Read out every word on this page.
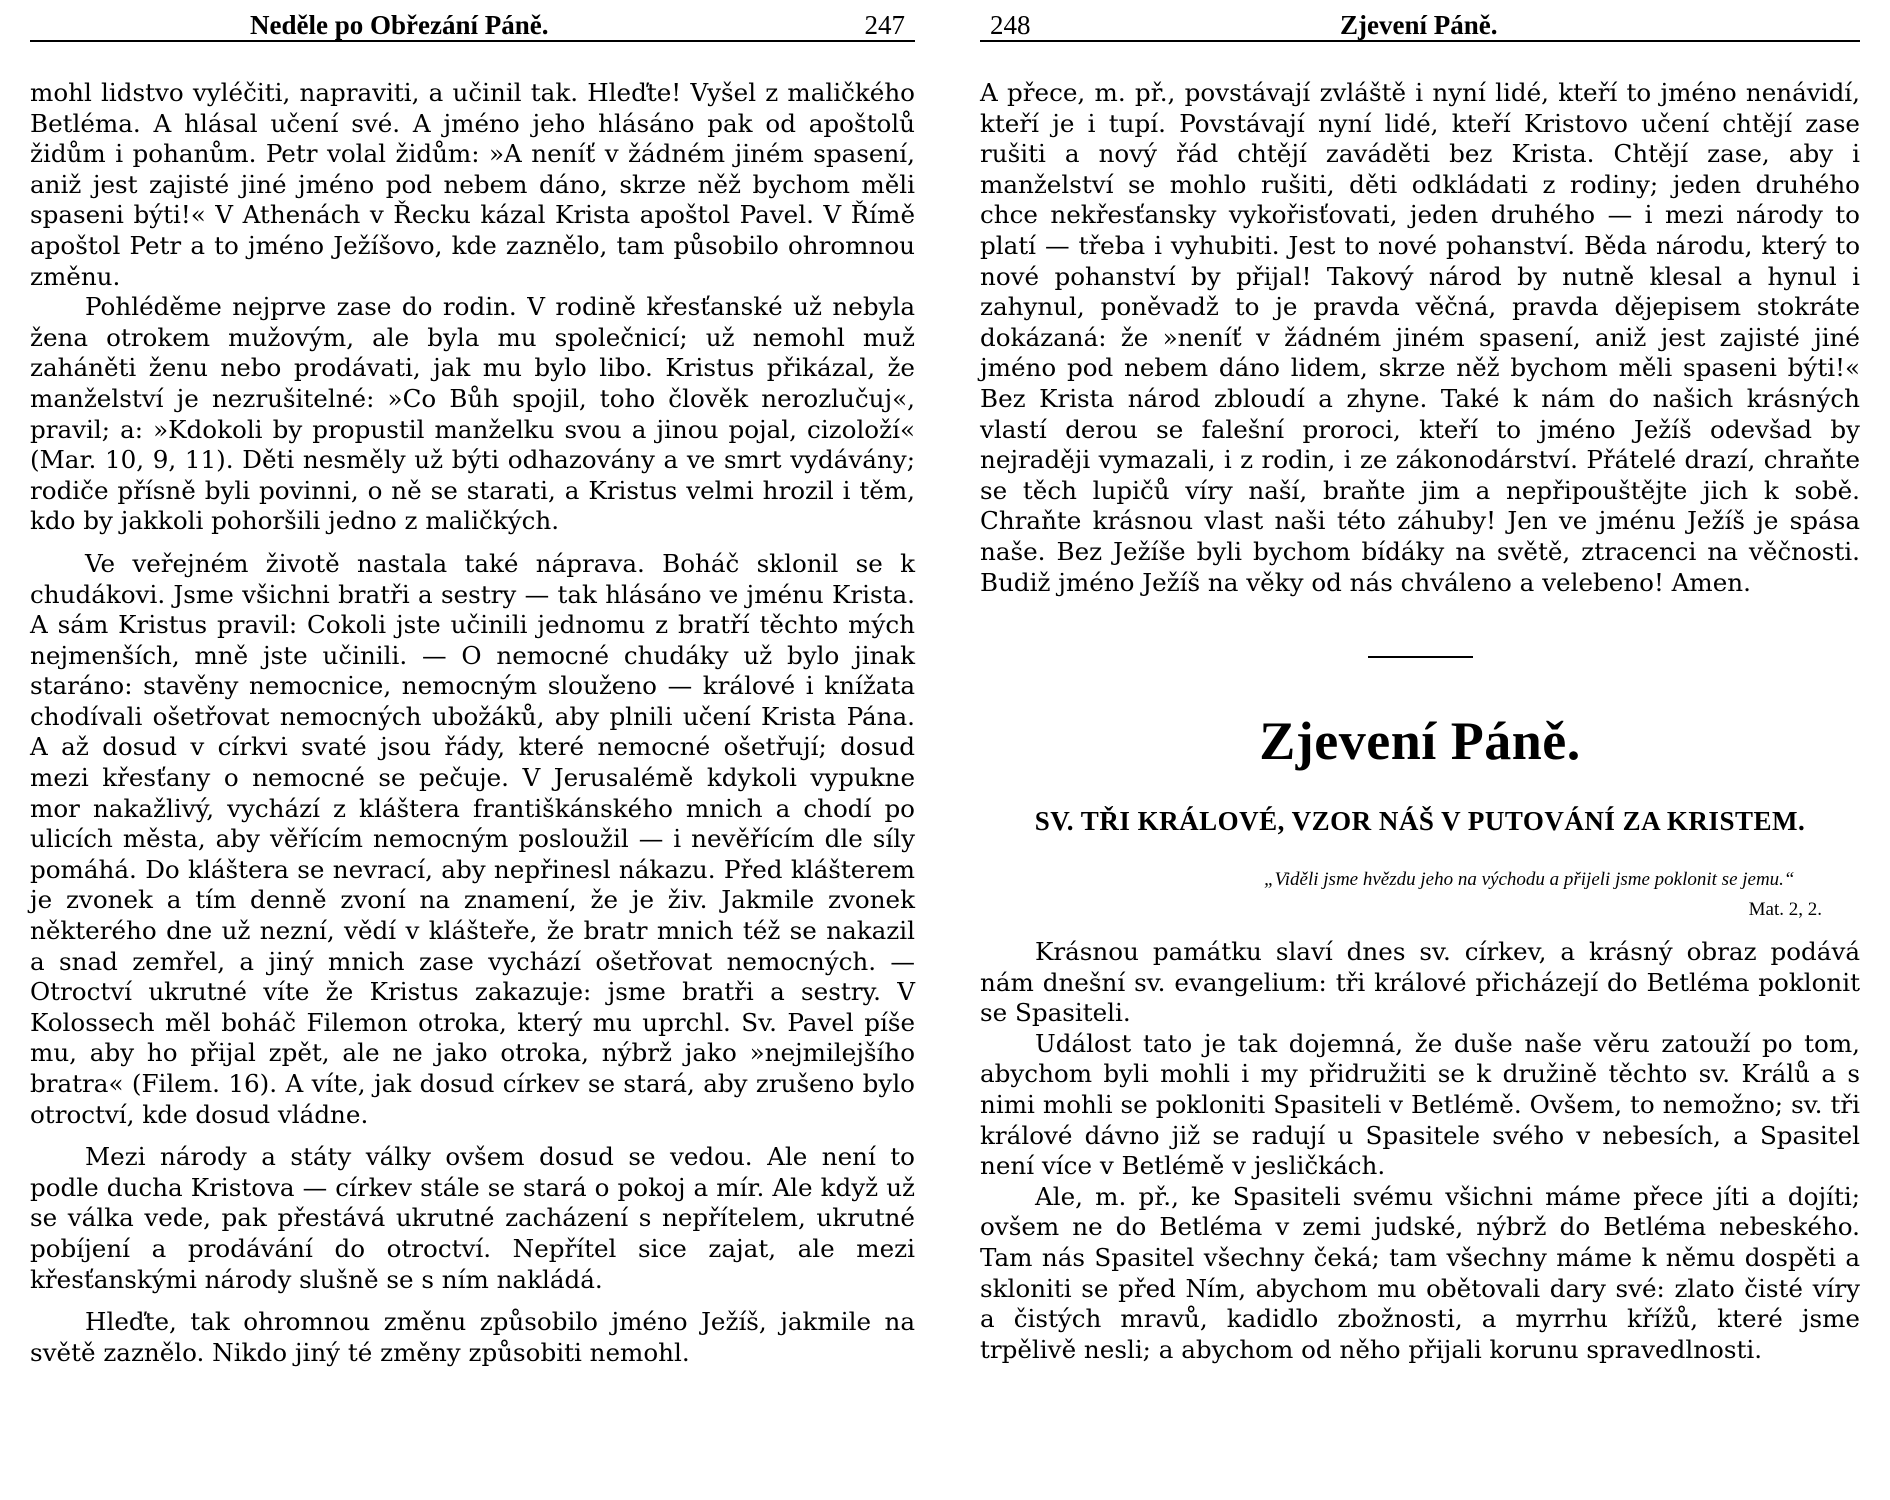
Neděle po Obřezání Páně.	247

mohl lidstvo vyléčiti, napraviti, a učinil tak. Hleďte! Vyšel z maličkého Betléma. A hlásal učení své. A jméno jeho hlásáno pak od apoštolů židům i pohanům. Petr volal židům: »A neníť v žádném jiném spasení, aniž jest zajisté jiné jméno pod nebem dáno, skrze něž bychom měli spaseni býti!« V Athenách v Řecku kázal Krista apoštol Pavel. V Římě apoštol Petr a to jméno Ježíšovo, kde zaznělo, tam působilo ohromnou změnu.

Pohléděme nejprve zase do rodin. V rodině křesťanské už nebyla žena otrokem mužovým, ale byla mu společnicí; už nemohl muž zaháněti ženu nebo prodávati, jak mu bylo libo. Kristus přikázal, že manželství je nezrušitelné: »Co Bůh spojil, toho člověk nerozlučuj«, pravil; a: »Kdokoli by propustil manželku svou a jinou pojal, cizoloží« (Mar. 10, 9, 11). Děti nesměly už býti odhazovány a ve smrt vydávány; rodiče přísně byli povinni, o ně se starati, a Kristus velmi hrozil i těm, kdo by jakkoli pohoršili jedno z maličkých.

Ve veřejném životě nastala také náprava. Boháč sklonil se k chudákovi. Jsme všichni bratři a sestry — tak hlásáno ve jménu Krista. A sám Kristus pravil: Cokoli jste učinili jednomu z bratří těchto mých nejmenších, mně jste učinili. — O nemocné chudáky už bylo jinak staráno: stavěny nemocnice, nemocným slouženo — králové i knížata chodívali ošetřovat nemocných ubožáků, aby plnili učení Krista Pána. A až dosud v církvi svaté jsou řády, které nemocné ošetřují; dosud mezi křesťany o nemocné se pečuje. V Jerusalémě kdykoli vypukne mor nakažlivý, vychází z kláštera františkánského mnich a chodí po ulicích města, aby věřícím nemocným posloužil — i nevěřícím dle síly pomáhá. Do kláštera se nevrací, aby nepřinesl nákazu. Před klášterem je zvonek a tím denně zvoní na znamení, že je živ. Jakmile zvonek některého dne už nezní, vědí v klášteře, že bratr mnich též se nakazil a snad zemřel, a jiný mnich zase vychází ošetřovat nemocných. — Otroctví ukrutné víte že Kristus zakazuje: jsme bratři a sestry. V Kolossech měl boháč Filemon otroka, který mu uprchl. Sv. Pavel píše mu, aby ho přijal zpět, ale ne jako otroka, nýbrž jako »nejmilejšího bratra« (Filem. 16). A víte, jak dosud církev se stará, aby zrušeno bylo otroctví, kde dosud vládne.

Mezi národy a státy války ovšem dosud se vedou. Ale není to podle ducha Kristova — církev stále se stará o pokoj a mír. Ale když už se válka vede, pak přestává ukrutné zacházení s nepřítelem, ukrutné pobíjení a prodávání do otroctví. Nepřítel sice zajat, ale mezi křesťanskými národy slušně se s ním nakládá.

Hleďte, tak ohromnou změnu způsobilo jméno Ježíš, jakmile na světě zaznělo. Nikdo jiný té změny způsobiti nemohl.

248	Zjevení Páně.

A přece, m. př., povstávají zvláště i nyní lidé, kteří to jméno nenávidí, kteří je i tupí. Povstávají nyní lidé, kteří Kristovo učení chtějí zase rušiti a nový řád chtějí zaváděti bez Krista. Chtějí zase, aby i manželství se mohlo rušiti, děti odkládati z rodiny; jeden druhého chce nekřesťansky vykořisťovati, jeden druhého — i mezi národy to platí — třeba i vyhubiti. Jest to nové pohanství. Běda národu, který to nové pohanství by přijal! Takový národ by nutně klesal a hynul i zahynul, poněvadž to je pravda věčná, pravda dějepisem stokráte dokázaná: že »neníť v žádném jiném spasení, aniž jest zajisté jiné jméno pod nebem dáno lidem, skrze něž bychom měli spaseni býti!« Bez Krista národ zbloudí a zhyne. Také k nám do našich krásných vlastí derou se falešní proroci, kteří to jméno Ježíš odevšad by nejraději vymazali, i z rodin, i ze zákonodárství. Přátelé drazí, chraňte se těch lupičů víry naší, braňte jim a nepřipouštějte jich k sobě. Chraňte krásnou vlast naši této záhuby! Jen ve jménu Ježíš je spása naše. Bez Ježíše byli bychom bídáky na světě, ztracenci na věčnosti. Budiž jméno Ježíš na věky od nás chváleno a velebeno! Amen.

Zjevení Páně.
SV. TŘI KRÁLOVÉ, VZOR NÁŠ V PUTOVÁNÍ ZA KRISTEM.
„Viděli jsme hvězdu jeho na východu a přijeli jsme poklonit se jemu.“
Mat. 2, 2.

Krásnou památku slaví dnes sv. církev, a krásný obraz podává nám dnešní sv. evangelium: tři králové přicházejí do Betléma poklonit se Spasiteli.

Událost tato je tak dojemná, že duše naše věru zatouží po tom, abychom byli mohli i my přidružiti se k družině těchto sv. Králů a s nimi mohli se pokloniti Spasiteli v Betlémě. Ovšem, to nemožno; sv. tři králové dávno již se radují u Spasitele svého v nebesích, a Spasitel není více v Betlémě v jesličkách.

Ale, m. př., ke Spasiteli svému všichni máme přece jíti a dojíti; ovšem ne do Betléma v zemi judské, nýbrž do Betléma nebeského. Tam nás Spasitel všechny čeká; tam všechny máme k němu dospěti a skloniti se před Ním, abychom mu obětovali dary své: zlato čisté víry a čistých mravů, kadidlo zbožnosti, a myrrhu křížů, které jsme trpělivě nesli; a abychom od něho přijali korunu spravedlnosti.
